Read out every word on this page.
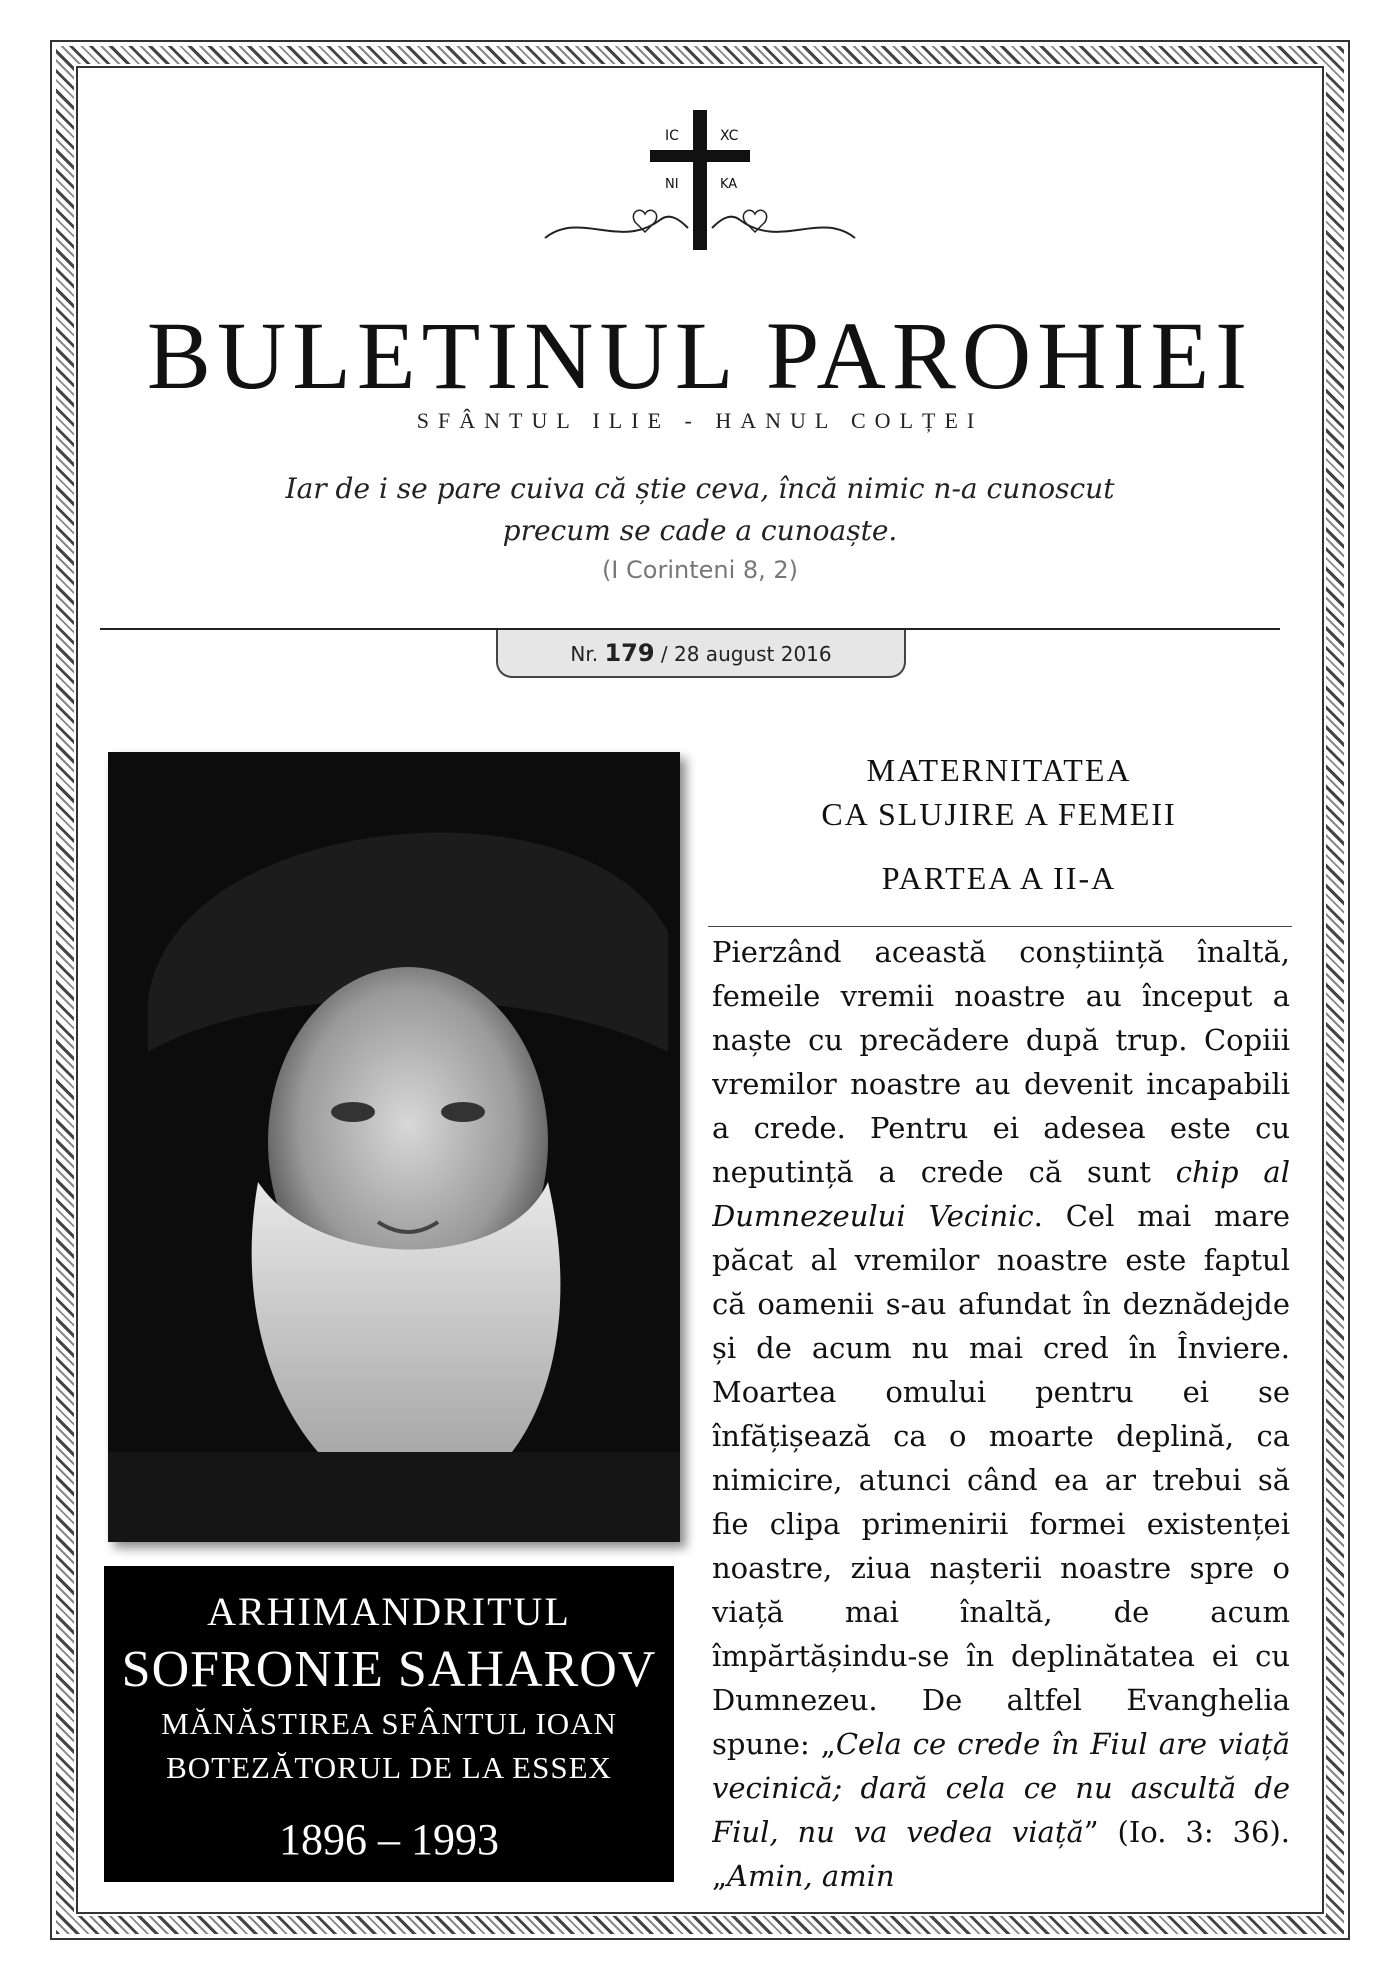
IC	XC
NI	KA
BULETINUL PAROHIEI
SFÂNTUL ILIE - HANUL COLȚEI
Iar de i se pare cuiva că știe ceva, încă nimic n-a cunoscut precum se cade a cunoaște.
(I Corinteni 8, 2)
Nr. 179 / 28 august 2016
ARHIMANDRITUL
SOFRONIE SAHAROV
MĂNĂSTIREA SFÂNTUL IOAN
BOTEZĂTORUL DE LA ESSEX
1896 – 1993
MATERNITATEA
CA SLUJIRE A FEMEII
PARTEA A II-A
Pierzând această conștiință înaltă, femeile vremii noastre au început a naște cu precădere după trup. Copiii vremilor noastre au devenit incapabili a crede. Pentru ei adesea este cu neputință a crede că sunt chip al Dumnezeului Vecinic. Cel mai mare păcat al vremilor noastre este faptul că oamenii s-au afundat în deznădejde și de acum nu mai cred în Înviere. Moartea omului pentru ei se înfățișează ca o moarte deplină, ca nimicire, atunci când ea ar trebui să fie clipa primenirii formei existenței noastre, ziua nașterii noastre spre o viață mai înaltă, de acum împărtășindu-se în deplinătatea ei cu Dumnezeu. De altfel Evanghelia spune: „Cela ce crede în Fiul are viață vecinică; dară cela ce nu ascultă de Fiul, nu va vedea viață” (Io. 3: 36). „Amin, amin
